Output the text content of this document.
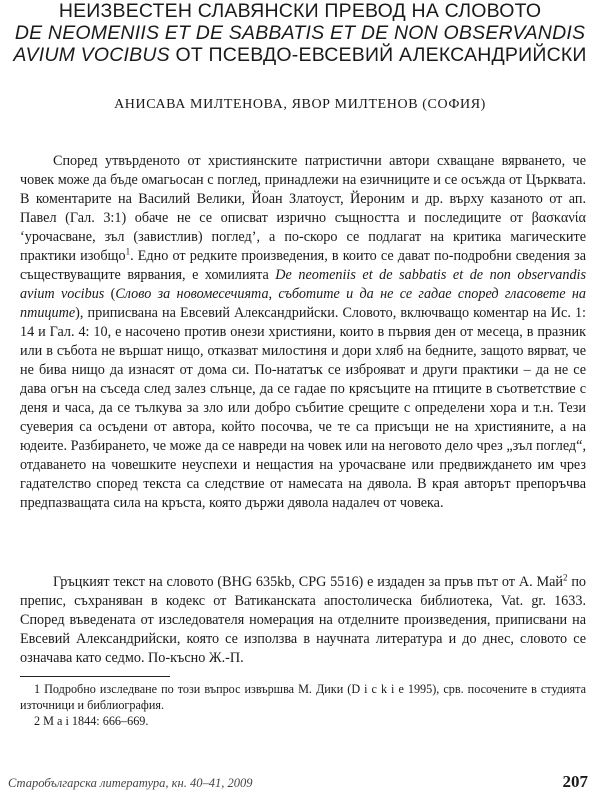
НЕИЗВЕСТЕН СЛАВЯНСКИ ПРЕВОД НА СЛОВОТО
DE NEOMENIIS ET DE SABBATIS ET DE NON OBSERVANDIS
AVIUM VOCIBUS ОТ ПСЕВДО-ЕВСЕВИЙ АЛЕКСАНДРИЙСКИ
АНИСАВА МИЛТЕНОВА, ЯВОР МИЛТЕНОВ (СОФИЯ)

Според утвърденото от християнските патристични автори схващане вярването, че човек може да бъде омагьосан с поглед, принадлежи на езичниците и се осъжда от Църквата. В коментарите на Василий Велики, Йоан Златоуст, Йероним и др. върху казаното от ап. Павел (Гал. 3:1) обаче не се описват изрично същността и последиците от βασκανία ‘урочасване, зъл (завистлив) поглед’, а по-скоро се подлагат на критика магическите практики изобщо$^1$. Едно от редките произведения, в които се дават по-подробни сведения за съществуващите вярвания, е хомилията De neomeniis et de sabbatis et de non observandis avium vocibus (Слово за новомесечията, съботите и да не се гадае според гласовете на птиците), приписвана на Евсевий Александрийски. Словото, включващо коментар на Ис. 1: 14 и Гал. 4: 10, е насочено против онези християни, които в първия ден от месеца, в празник или в събота не вършат нищо, отказват милостиня и дори хляб на бедните, защото вярват, че не бива нищо да изнасят от дома си. По-нататък се изброяват и други практики – да не се дава огън на съседа след залез слънце, да се гадае по крясъците на птиците в съответствие с деня и часа, да се тълкува за зло или добро събитие срещите с определени хора и т.н. Тези суеверия са осъдени от автора, който посочва, че те са присъщи не на християните, а на юдеите. Разбирането, че може да се навреди на човек или на неговото дело чрез „зъл поглед“, отдаването на човешките неуспехи и нещастия на урочасване или предвиждането им чрез гадателство според текста са следствие от намесата на дявола. В края авторът препоръчва предпазващата сила на кръста, която държи дявола надалеч от човека.

Гръцкият текст на словото (BHG 635kb, CPG 5516) е издаден за пръв път от А. Май$^2$ по препис, съхраняван в кодекс от Ватиканската апостолическа библиотека, Vat. gr. 1633. Според въведената от изследователя номерация на отделните произведения, приписвани на Евсевий Александрийски, която се използва в научната литература и до днес, словото се означава като седмо. По-късно Ж.-П.

1 Подробно изследване по този въпрос извършва М. Дики (D i c k i e 1995), срв. посочените в студията източници и библиография.
2 M a i 1844: 666–669.
Старобългарска литература, кн. 40–41, 2009	207
